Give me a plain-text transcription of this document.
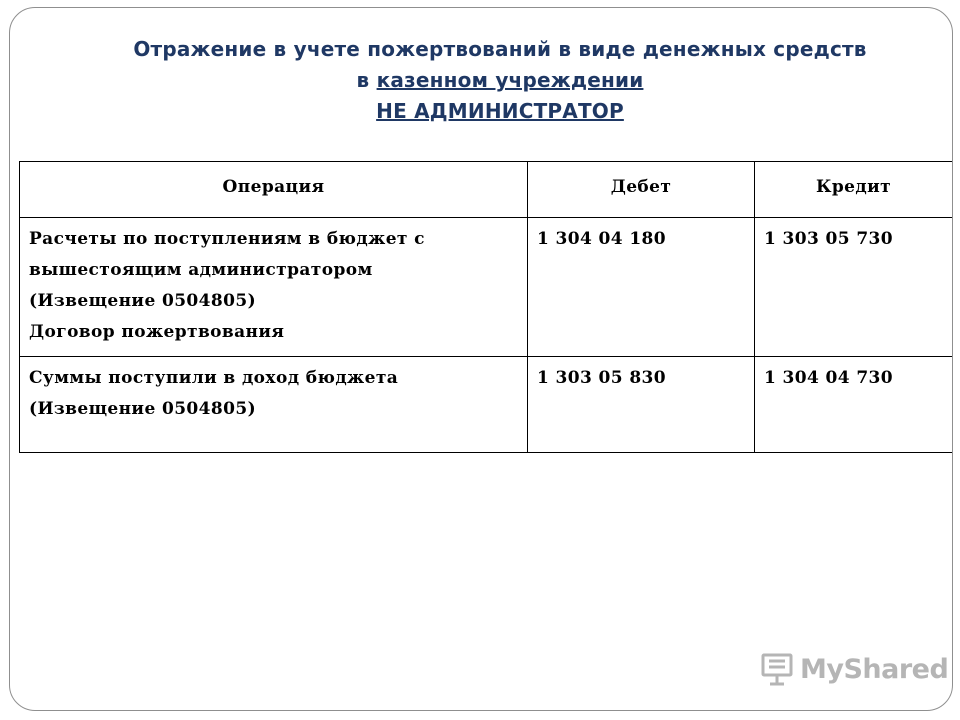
Отражение в учете пожертвований в виде денежных средств
в казенном учреждении
НЕ АДМИНИСТРАТОР
Операция	Дебет	Кредит

Расчеты по поступлениям в бюджет с
вышестоящим администратором
(Извещение 0504805)
Договор пожертвования	1 304 04 180	1 303 05 730

Суммы поступили в доход бюджета
(Извещение 0504805)	1 303 05 830	1 304 04 730
MyShared
